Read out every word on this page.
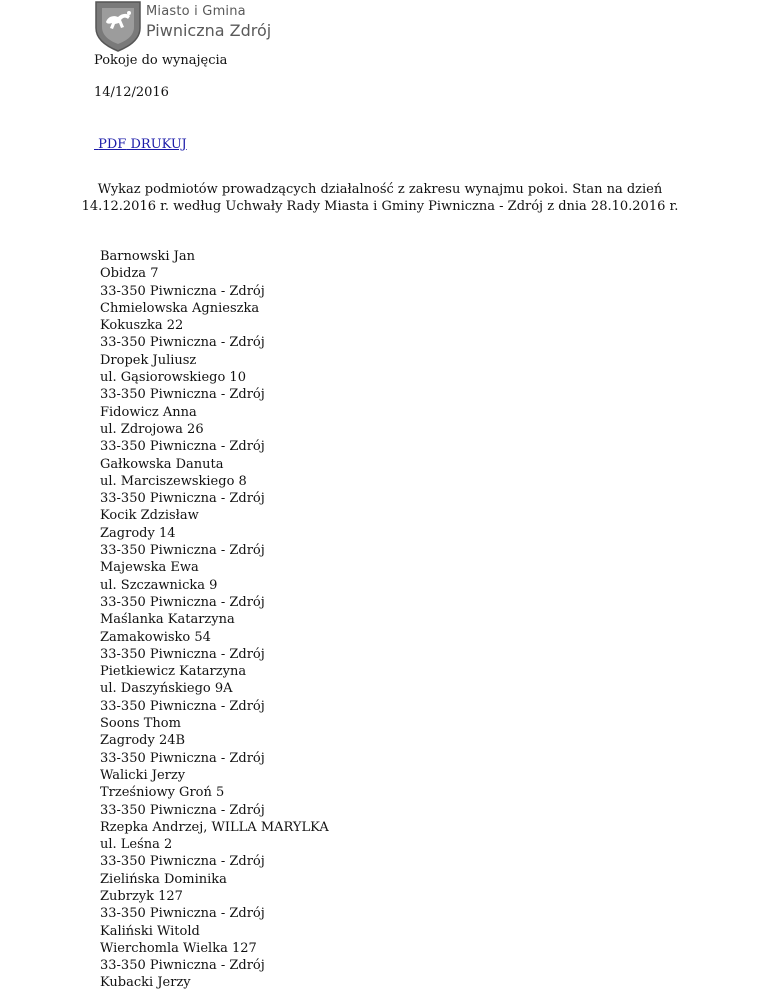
Miasto i Gmina
Piwniczna Zdrój
Pokoje do wynajęcia
14/12/2016
PDF DRUKUJ
Wykaz podmiotów prowadzących działalność z zakresu wynajmu pokoi. Stan na dzień 14.12.2016 r. według Uchwały Rady Miasta i Gminy Piwniczna - Zdrój z dnia 28.10.2016 r.
Barnowski Jan
Obidza 7
33-350 Piwniczna - Zdrój
Chmielowska Agnieszka
Kokuszka 22
33-350 Piwniczna - Zdrój
Dropek Juliusz
ul. Gąsiorowskiego 10
33-350 Piwniczna - Zdrój
Fidowicz Anna
ul. Zdrojowa 26
33-350 Piwniczna - Zdrój
Gałkowska Danuta
ul. Marciszewskiego 8
33-350 Piwniczna - Zdrój
Kocik Zdzisław
Zagrody 14
33-350 Piwniczna - Zdrój
Majewska Ewa
ul. Szczawnicka 9
33-350 Piwniczna - Zdrój
Maślanka Katarzyna
Zamakowisko 54
33-350 Piwniczna - Zdrój
Pietkiewicz Katarzyna
ul. Daszyńskiego 9A
33-350 Piwniczna - Zdrój
Soons Thom
Zagrody 24B
33-350 Piwniczna - Zdrój
Walicki Jerzy
Trześniowy Groń 5
33-350 Piwniczna - Zdrój
Rzepka Andrzej, WILLA MARYLKA
ul. Leśna 2
33-350 Piwniczna - Zdrój
Zielińska Dominika
Zubrzyk 127
33-350 Piwniczna - Zdrój
Kaliński Witold
Wierchomla Wielka 127
33-350 Piwniczna - Zdrój
Kubacki Jerzy
